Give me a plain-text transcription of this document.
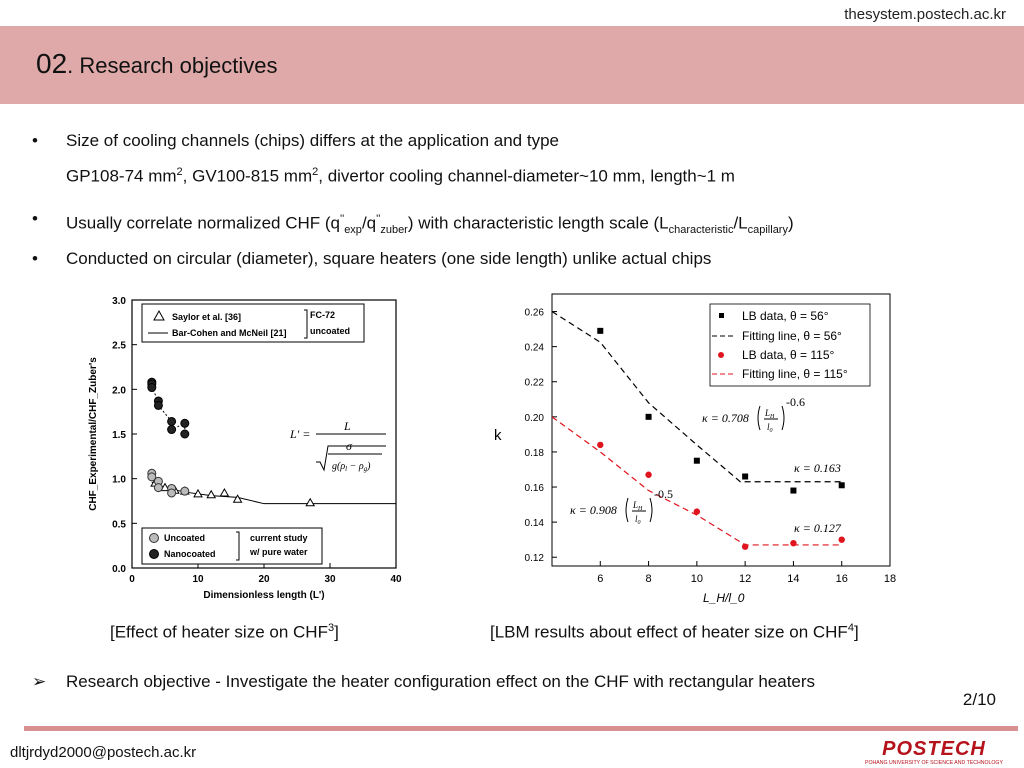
thesystem.postech.ac.kr
02. Research objectives
• Size of cooling channels (chips) differs at the application and type
GP108-74 $mm^2$, GV100-815 $mm^2$, divertor cooling channel-diameter~10 mm, length~1 m
• Usually correlate normalized CHF $(q''_{exp}/q''_{zuber})$ with characteristic length scale $(L_{characteristic}/L_{capillary})$
• Conducted on circular (diameter), square heaters (one side length) unlike actual chips
0	10	20	30	40
0.0
0.5
1.0
1.5
2.0
2.5
3.0
Dimensionless length (L')
CHF_Experimental/CHF_Zuber's
Saylor et al. [36]
Bar-Cohen and McNeil [21]
FC-72
uncoated
Uncoated
Nanocoated
current study
w/ pure water
L' =
L
σ
$g(\rho_l - \rho_g)$
6	8	10	12	14	16	18
0.12
0.14
0.16
0.18
0.20
0.22
0.24
0.26
L_H/l_0
k
LB data, θ = 56°
Fitting line, θ = 56°
LB data, θ = 115°
Fitting line, θ = 115°
κ = 0.708 $L_H$
$l_0$
-0.6
κ = 0.163
κ = 0.908 $L_H$
$l_0$
-0.5
κ = 0.127
[Effect of heater size on CHF$^3$]	[LBM results about effect of heater size on CHF$^4$]
➢ Research objective - Investigate the heater configuration effect on the CHF with rectangular heaters
2/10
dltjrdyd2000@postech.ac.kr	POSTECH
POHANG UNIVERSITY OF SCIENCE AND TECHNOLOGY
